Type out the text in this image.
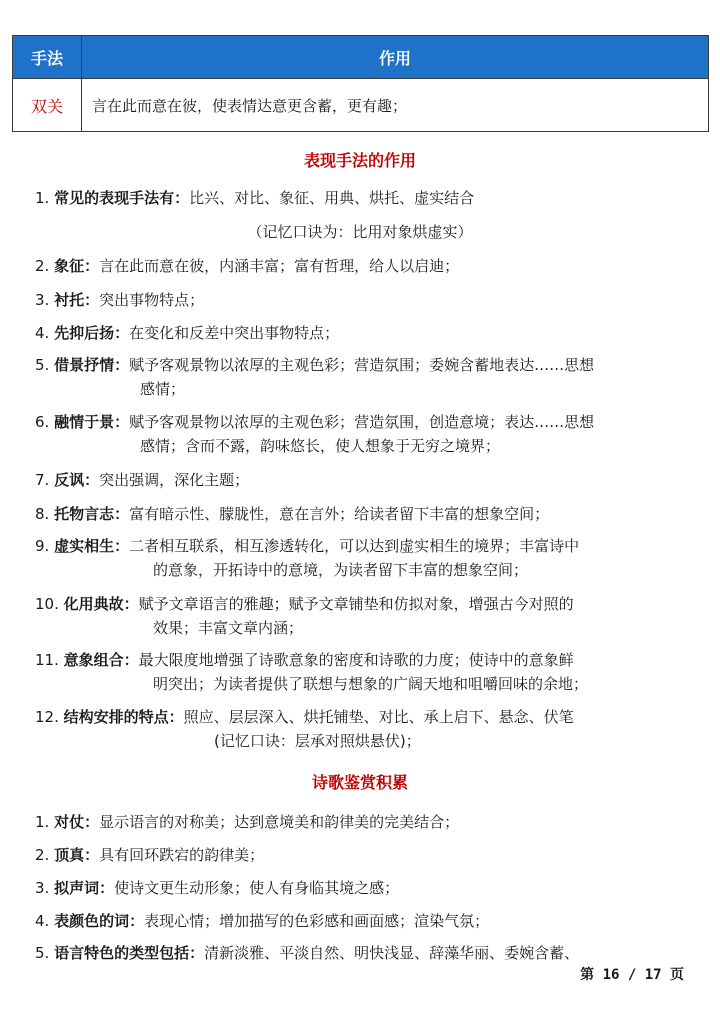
手法	作用
双关	言在此而意在彼，使表情达意更含蓄，更有趣；
表现手法的作用
1. 常见的表现手法有：比兴、对比、象征、用典、烘托、虚实结合
（记忆口诀为：比用对象烘虚实）
2. 象征：言在此而意在彼，内涵丰富；富有哲理，给人以启迪；
3. 衬托：突出事物特点；
4. 先抑后扬：在变化和反差中突出事物特点；
5. 借景抒情：赋予客观景物以浓厚的主观色彩；营造氛围；委婉含蓄地表达……思想
感情；
6. 融情于景：赋予客观景物以浓厚的主观色彩；营造氛围，创造意境；表达……思想
感情；含而不露，韵味悠长，使人想象于无穷之境界；
7. 反讽：突出强调，深化主题；
8. 托物言志：富有暗示性、朦胧性，意在言外；给读者留下丰富的想象空间；
9. 虚实相生：二者相互联系，相互渗透转化，可以达到虚实相生的境界；丰富诗中
的意象，开拓诗中的意境，为读者留下丰富的想象空间；
10. 化用典故：赋予文章语言的雅趣；赋予文章铺垫和仿拟对象，增强古今对照的
效果；丰富文章内涵；
11. 意象组合：最大限度地增强了诗歌意象的密度和诗歌的力度；使诗中的意象鲜
明突出；为读者提供了联想与想象的广阔天地和咀嚼回味的余地；
12. 结构安排的特点：照应、层层深入、烘托铺垫、对比、承上启下、悬念、伏笔
(记忆口诀：层承对照烘悬伏)；
诗歌鉴赏积累
1. 对仗：显示语言的对称美；达到意境美和韵律美的完美结合；
2. 顶真：具有回环跌宕的韵律美；
3. 拟声词：使诗文更生动形象；使人有身临其境之感；
4. 表颜色的词：表现心情；增加描写的色彩感和画面感；渲染气氛；
5. 语言特色的类型包括：清新淡雅、平淡自然、明快浅显、辞藻华丽、委婉含蓄、
第 16 / 17 页
